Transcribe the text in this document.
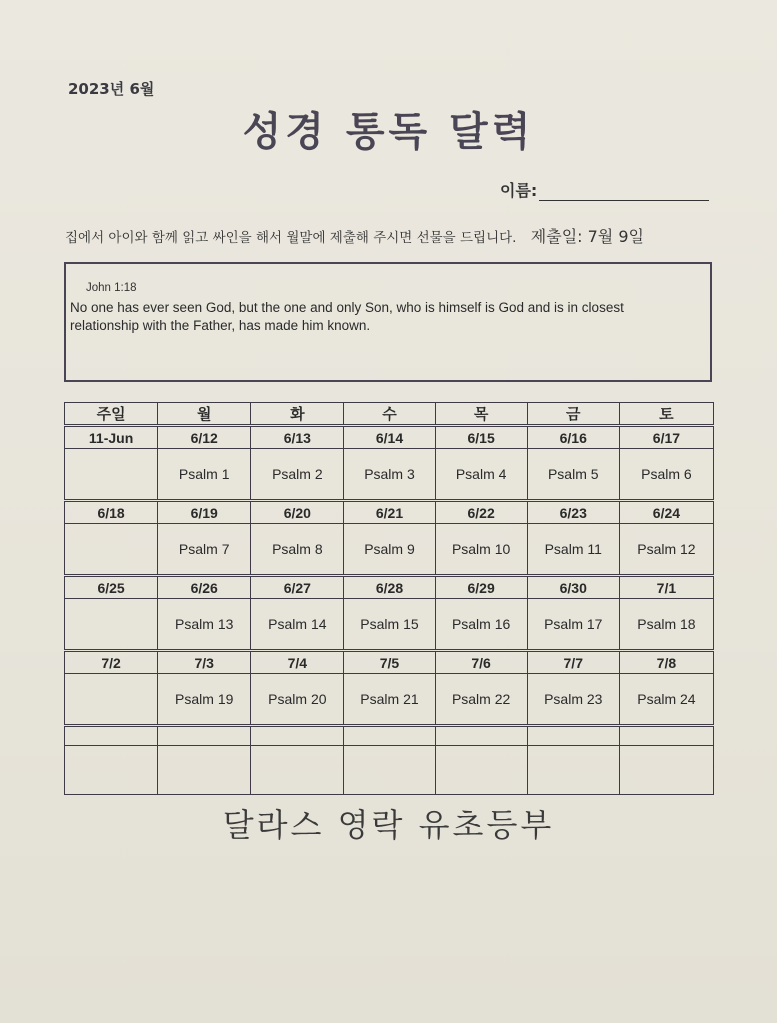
2023년 6월
성경 통독 달력
이름:
집에서 아이와 함께 읽고 싸인을 해서 월말에 제출해 주시면 선물을 드립니다. 제출일: 7월 9일
John 1:18
No one has ever seen God, but the one and only Son, who is himself is God and is in closest relationship with the Father, has made him known.
주일	월	화	수	목	금	토
11-Jun	6/12	6/13	6/14	6/15	6/16	6/17
	Psalm 1	Psalm 2	Psalm 3	Psalm 4	Psalm 5	Psalm 6
6/18	6/19	6/20	6/21	6/22	6/23	6/24
	Psalm 7	Psalm 8	Psalm 9	Psalm 10	Psalm 11	Psalm 12
6/25	6/26	6/27	6/28	6/29	6/30	7/1
	Psalm 13	Psalm 14	Psalm 15	Psalm 16	Psalm 17	Psalm 18
7/2	7/3	7/4	7/5	7/6	7/7	7/8
	Psalm 19	Psalm 20	Psalm 21	Psalm 22	Psalm 23	Psalm 24

달라스 영락 유초등부
